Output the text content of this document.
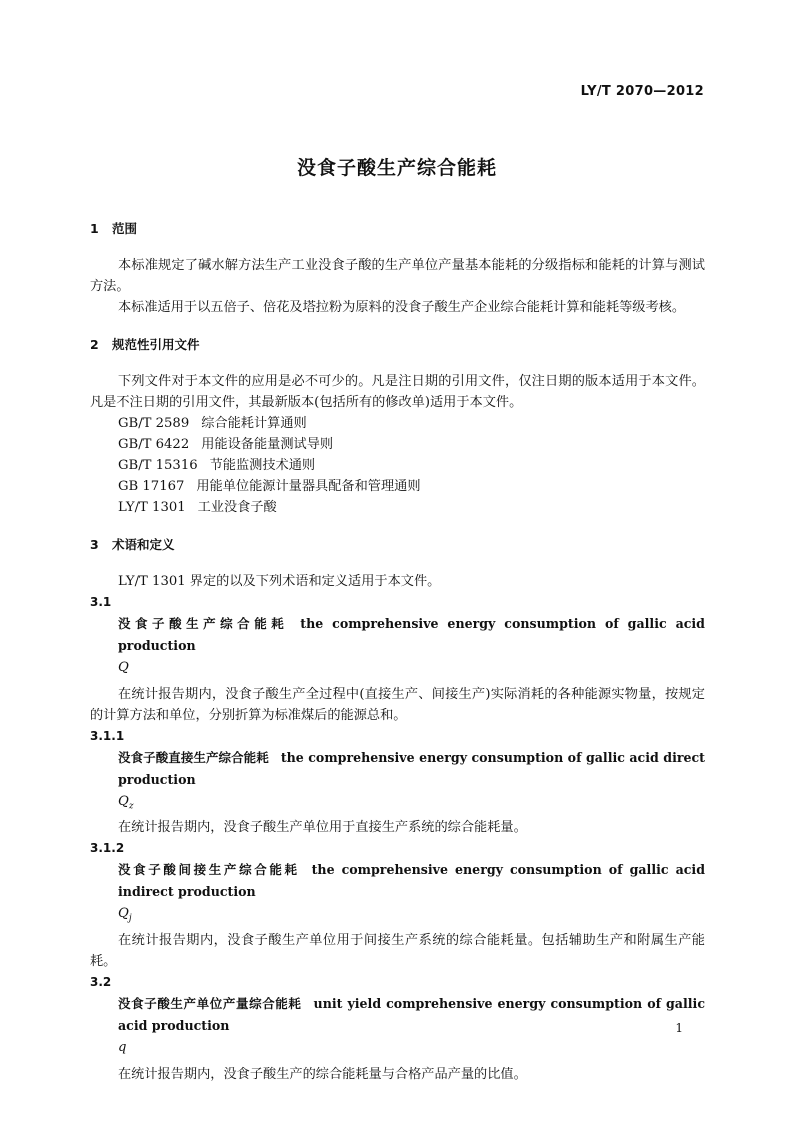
LY/T 2070—2012
没食子酸生产综合能耗
1 范围

本标准规定了碱水解方法生产工业没食子酸的生产单位产量基本能耗的分级指标和能耗的计算与测试方法。

本标准适用于以五倍子、倍花及塔拉粉为原料的没食子酸生产企业综合能耗计算和能耗等级考核。

2 规范性引用文件

下列文件对于本文件的应用是必不可少的。凡是注日期的引用文件，仅注日期的版本适用于本文件。凡是不注日期的引用文件，其最新版本(包括所有的修改单)适用于本文件。

GB/T 2589 综合能耗计算通则

GB/T 6422 用能设备能量测试导则

GB/T 15316 节能监测技术通则

GB 17167 用能单位能源计量器具配备和管理通则

LY/T 1301 工业没食子酸

3 术语和定义

LY/T 1301 界定的以及下列术语和定义适用于本文件。

3.1

没食子酸生产综合能耗 the comprehensive energy consumption of gallic acid production

Q

在统计报告期内，没食子酸生产全过程中(直接生产、间接生产)实际消耗的各种能源实物量，按规定的计算方法和单位，分别折算为标准煤后的能源总和。

3.1.1

没食子酸直接生产综合能耗 the comprehensive energy consumption of gallic acid direct production

$Q_z$

在统计报告期内，没食子酸生产单位用于直接生产系统的综合能耗量。

3.1.2

没食子酸间接生产综合能耗 the comprehensive energy consumption of gallic acid indirect production

$Q_j$

在统计报告期内，没食子酸生产单位用于间接生产系统的综合能耗量。包括辅助生产和附属生产能耗。

3.2

没食子酸生产单位产量综合能耗 unit yield comprehensive energy consumption of gallic acid production

q

在统计报告期内，没食子酸生产的综合能耗量与合格产品产量的比值。

1
